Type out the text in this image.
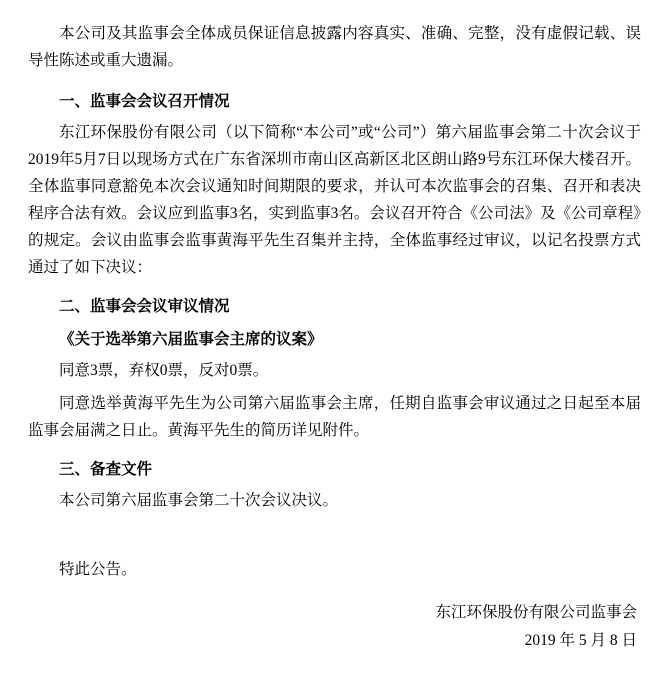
本公司及其监事会全体成员保证信息披露内容真实、准确、完整，没有虚假记载、误导性陈述或重大遗漏。

一、监事会会议召开情况

东江环保股份有限公司（以下简称“本公司”或“公司”）第六届监事会第二十次会议于2019年5月7日以现场方式在广东省深圳市南山区高新区北区朗山路9号东江环保大楼召开。全体监事同意豁免本次会议通知时间期限的要求，并认可本次监事会的召集、召开和表决程序合法有效。会议应到监事3名，实到监事3名。会议召开符合《公司法》及《公司章程》的规定。会议由监事会监事黄海平先生召集并主持，全体监事经过审议，以记名投票方式通过了如下决议：

二、监事会会议审议情况
《关于选举第六届监事会主席的议案》

同意3票，弃权0票，反对0票。

同意选举黄海平先生为公司第六届监事会主席，任期自监事会审议通过之日起至本届监事会届满之日止。黄海平先生的简历详见附件。

三、备查文件

本公司第六届监事会第二十次会议决议。

特此公告。

东江环保股份有限公司监事会

2019 年 5 月 8 日
